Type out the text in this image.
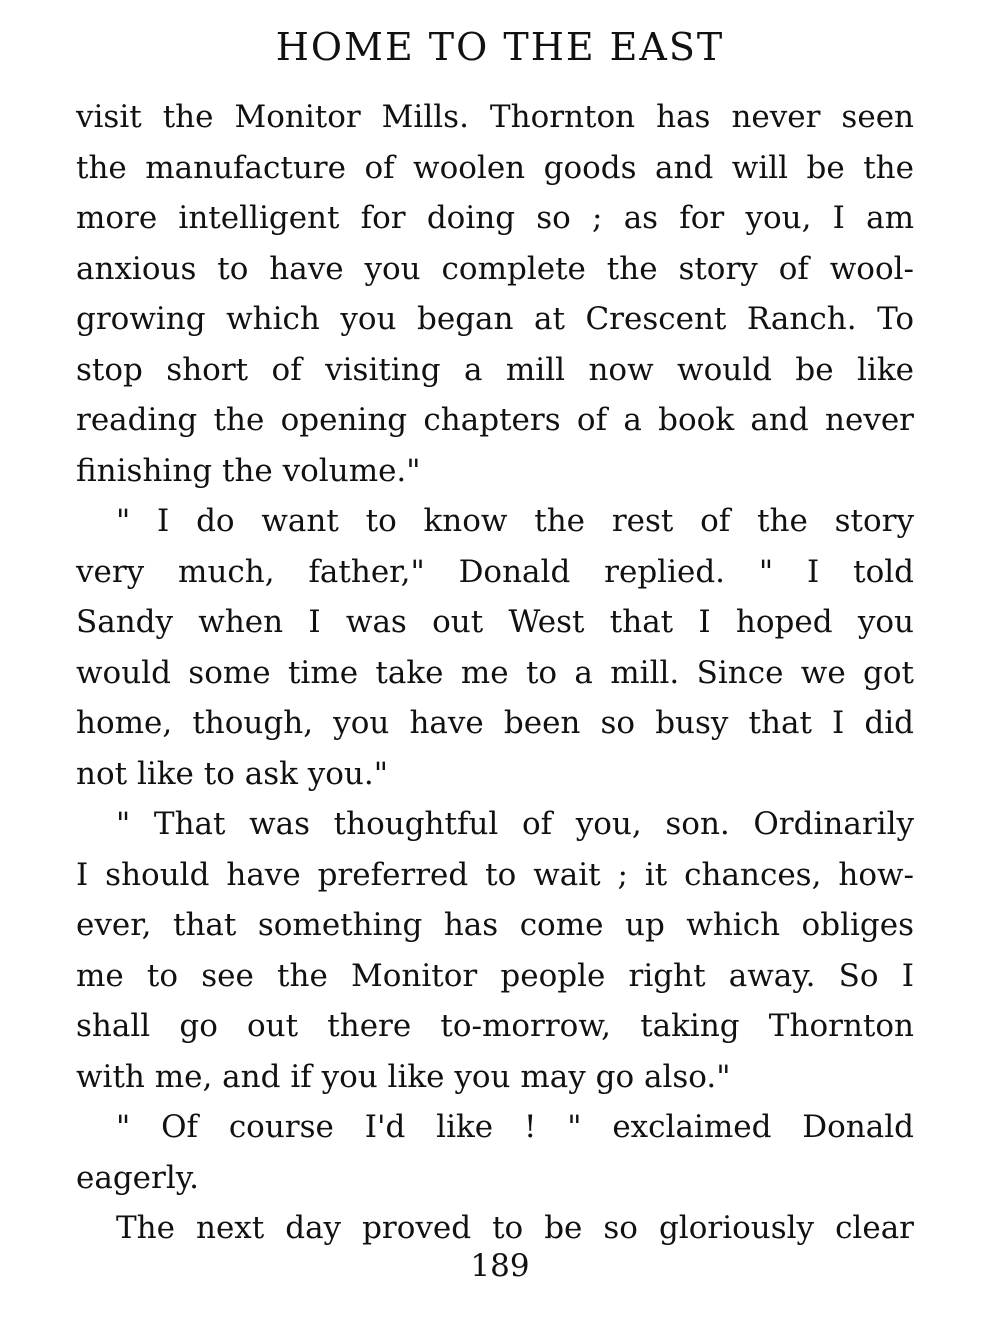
HOME TO THE EAST
visit the Monitor Mills. Thornton has never seen
the manufacture of woolen goods and will be the
more intelligent for doing so ; as for you, I am
anxious to have you complete the story of wool-
growing which you began at Crescent Ranch. To
stop short of visiting a mill now would be like
reading the opening chapters of a book and never
finishing the volume."
" I do want to know the rest of the story
very much, father," Donald replied. " I told
Sandy when I was out West that I hoped you
would some time take me to a mill. Since we got
home, though, you have been so busy that I did
not like to ask you."
" That was thoughtful of you, son. Ordinarily
I should have preferred to wait ; it chances, how-
ever, that something has come up which obliges
me to see the Monitor people right away. So I
shall go out there to-morrow, taking Thornton
with me, and if you like you may go also."
" Of course I'd like ! " exclaimed Donald
eagerly.
The next day proved to be so gloriously clear
189
